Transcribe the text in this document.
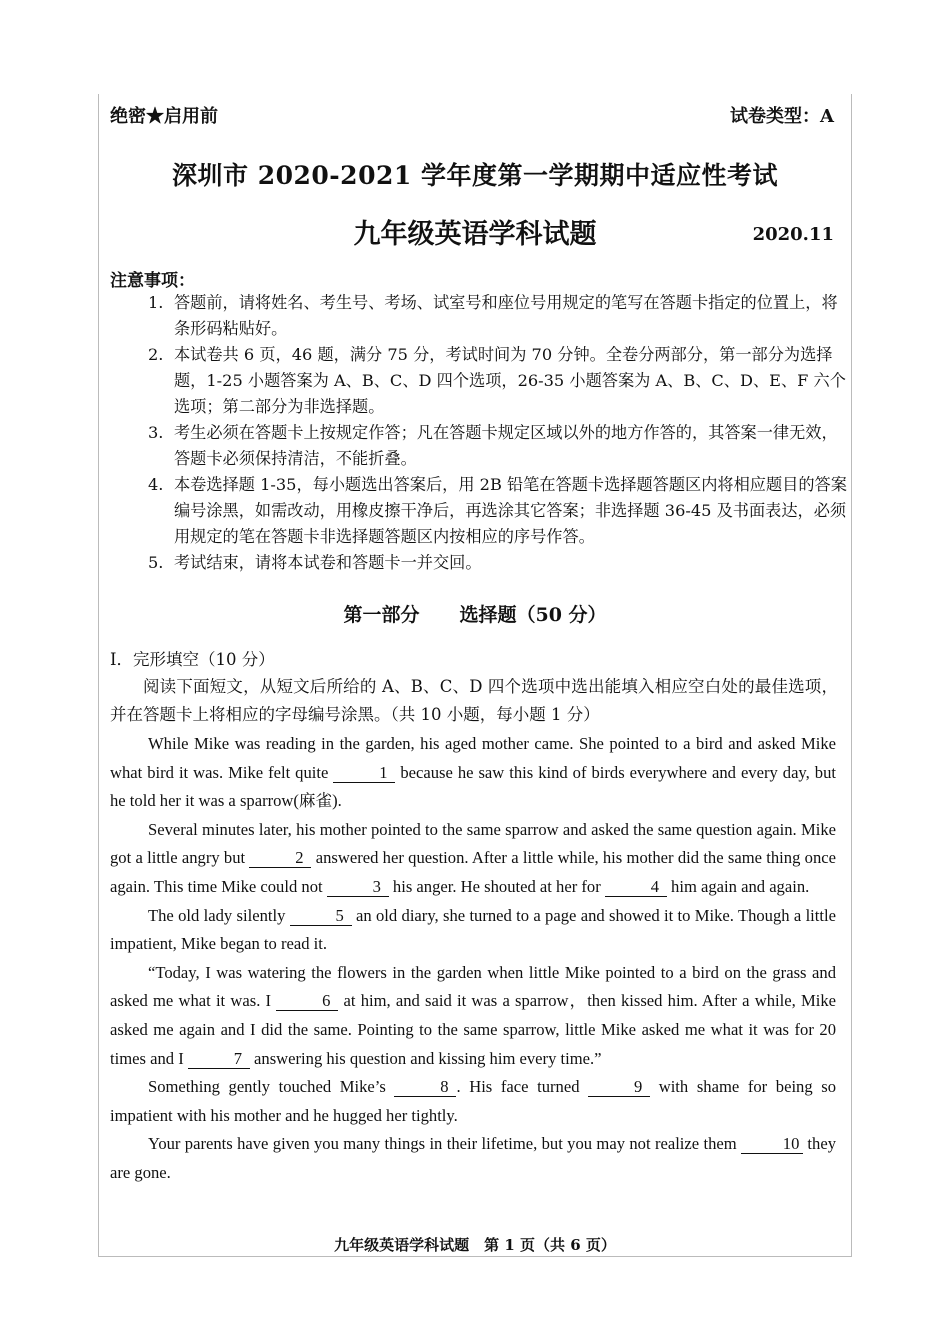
绝密★启用前	试卷类型：A
深圳市 2020-2021 学年度第一学期期中适应性考试
九年级英语学科试题	2020.11
注意事项：
1. 答题前，请将姓名、考生号、考场、试室号和座位号用规定的笔写在答题卡指定的位置上，将条形码粘贴好。
2. 本试卷共 6 页，46 题，满分 75 分，考试时间为 70 分钟。全卷分两部分，第一部分为选择题，1-25 小题答案为 A、B、C、D 四个选项，26-35 小题答案为 A、B、C、D、E、F 六个选项；第二部分为非选择题。
3. 考生必须在答题卡上按规定作答；凡在答题卡规定区域以外的地方作答的，其答案一律无效，答题卡必须保持清洁，不能折叠。
4. 本卷选择题 1-35，每小题选出答案后，用 2B 铅笔在答题卡选择题答题区内将相应题目的答案编号涂黑，如需改动，用橡皮擦干净后，再选涂其它答案；非选择题 36-45 及书面表达，必须用规定的笔在答题卡非选择题答题区内按相应的序号作答。
5. 考试结束，请将本试卷和答题卡一并交回。
第一部分 选择题（50 分）
I．完形填空（10 分）
阅读下面短文，从短文后所给的 A、B、C、D 四个选项中选出能填入相应空白处的最佳选项，并在答题卡上将相应的字母编号涂黑。（共 10 小题，每小题 1 分）

While Mike was reading in the garden, his aged mother came. She pointed to a bird and asked Mike what bird it was. Mike felt quite	1 because he saw this kind of birds everywhere and every day, but he told her it was a sparrow(麻雀).

Several minutes later, his mother pointed to the same sparrow and asked the same question again. Mike got a little angry but	2 answered her question. After a little while, his mother did the same thing once again. This time Mike could not	3 his anger. He shouted at her for	4 him again and again.

The old lady silently	5 an old diary, she turned to a page and showed it to Mike. Though a little impatient, Mike began to read it.

“Today, I was watering the flowers in the garden when little Mike pointed to a bird on the grass and asked me what it was. I	6 at him, and said it was a sparrow，then kissed him. After a while, Mike asked me again and I did the same. Pointing to the same sparrow, little Mike asked me what it was for 20 times and I	7 answering his question and kissing him every time.”

Something gently touched Mike’s	8 . His face turned	9 with shame for being so impatient with his mother and he hugged her tightly.

Your parents have given you many things in their lifetime, but you may not realize them	10 they are gone.

九年级英语学科试题　第 1 页（共 6 页）
